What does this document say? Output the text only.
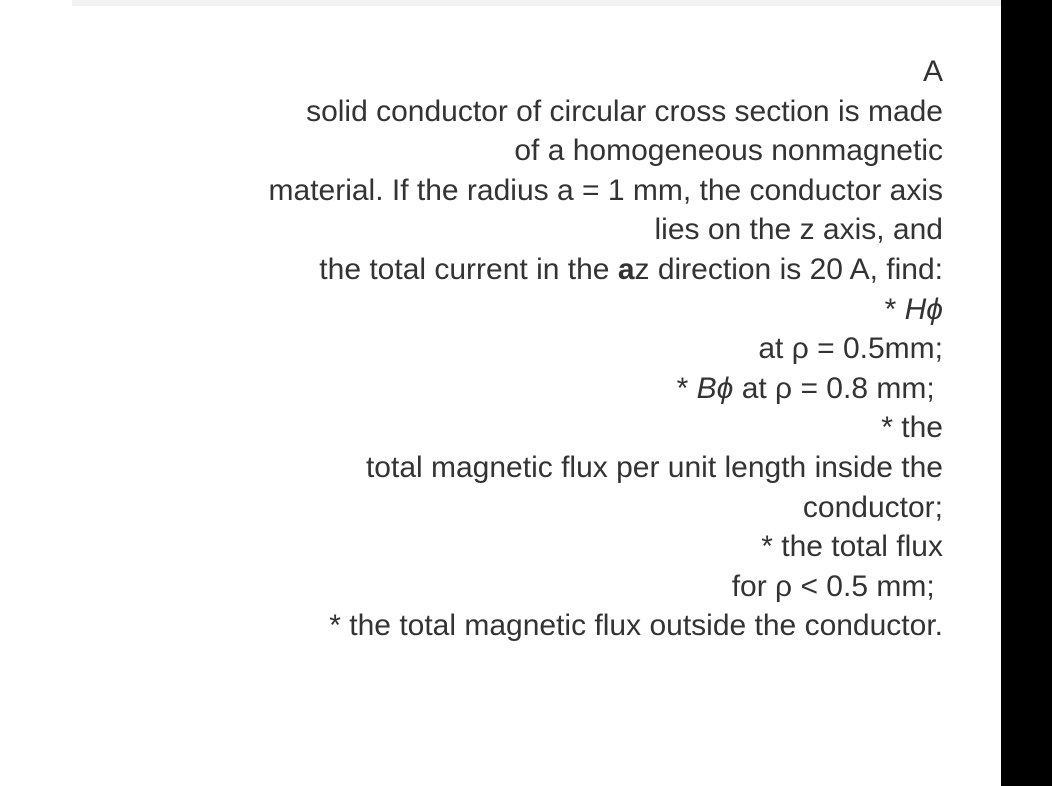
A
solid conductor of circular cross section is made
of a homogeneous nonmagnetic
material. If the radius a = 1 mm, the conductor axis
lies on the z axis, and
the total current in the az direction is 20 A, find:
* Hϕ
at ρ = 0.5mm;
* Bϕ at ρ = 0.8 mm;
* the
total magnetic flux per unit length inside the
conductor;
* the total flux
for ρ < 0.5 mm;
* the total magnetic flux outside the conductor.
